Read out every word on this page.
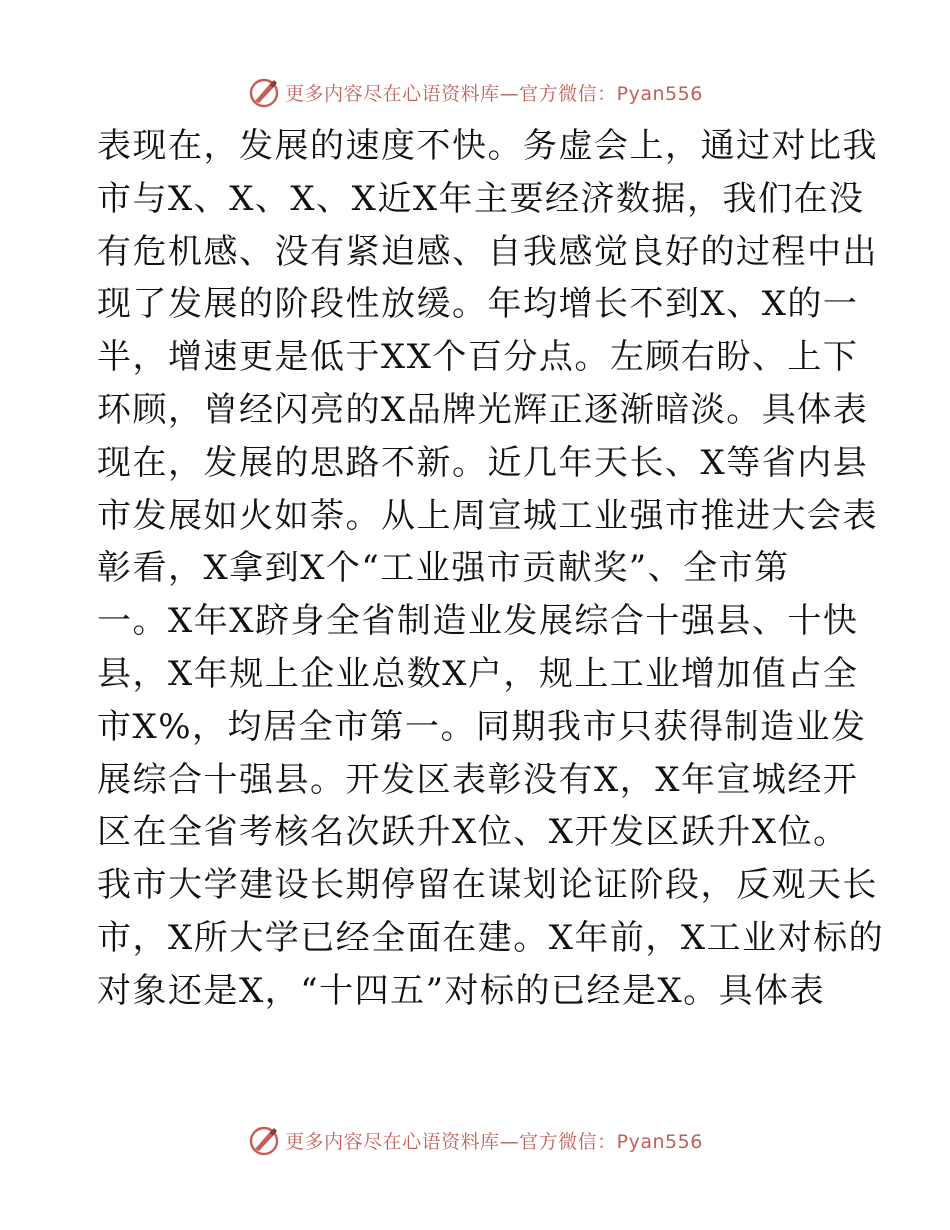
更多内容尽在心语资料库—官方微信：Pyan556
表现在，发展的速度不快。务虚会上，通过对比我
市与X、X、X、X近X年主要经济数据，我们在没
有危机感、没有紧迫感、自我感觉良好的过程中出
现了发展的阶段性放缓。年均增长不到X、X的一
半，增速更是低于XX个百分点。左顾右盼、上下
环顾，曾经闪亮的X品牌光辉正逐渐暗淡。具体表
现在，发展的思路不新。近几年天长、X等省内县
市发展如火如荼。从上周宣城工业强市推进大会表
彰看，X拿到X个“工业强市贡献奖”、全市第
一。X年X跻身全省制造业发展综合十强县、十快
县，X年规上企业总数X户，规上工业增加值占全
市X%，均居全市第一。同期我市只获得制造业发
展综合十强县。开发区表彰没有X，X年宣城经开
区在全省考核名次跃升X位、X开发区跃升X位。
我市大学建设长期停留在谋划论证阶段，反观天长
市，X所大学已经全面在建。X年前，X工业对标的
对象还是X，“十四五”对标的已经是X。具体表
更多内容尽在心语资料库—官方微信：Pyan556
